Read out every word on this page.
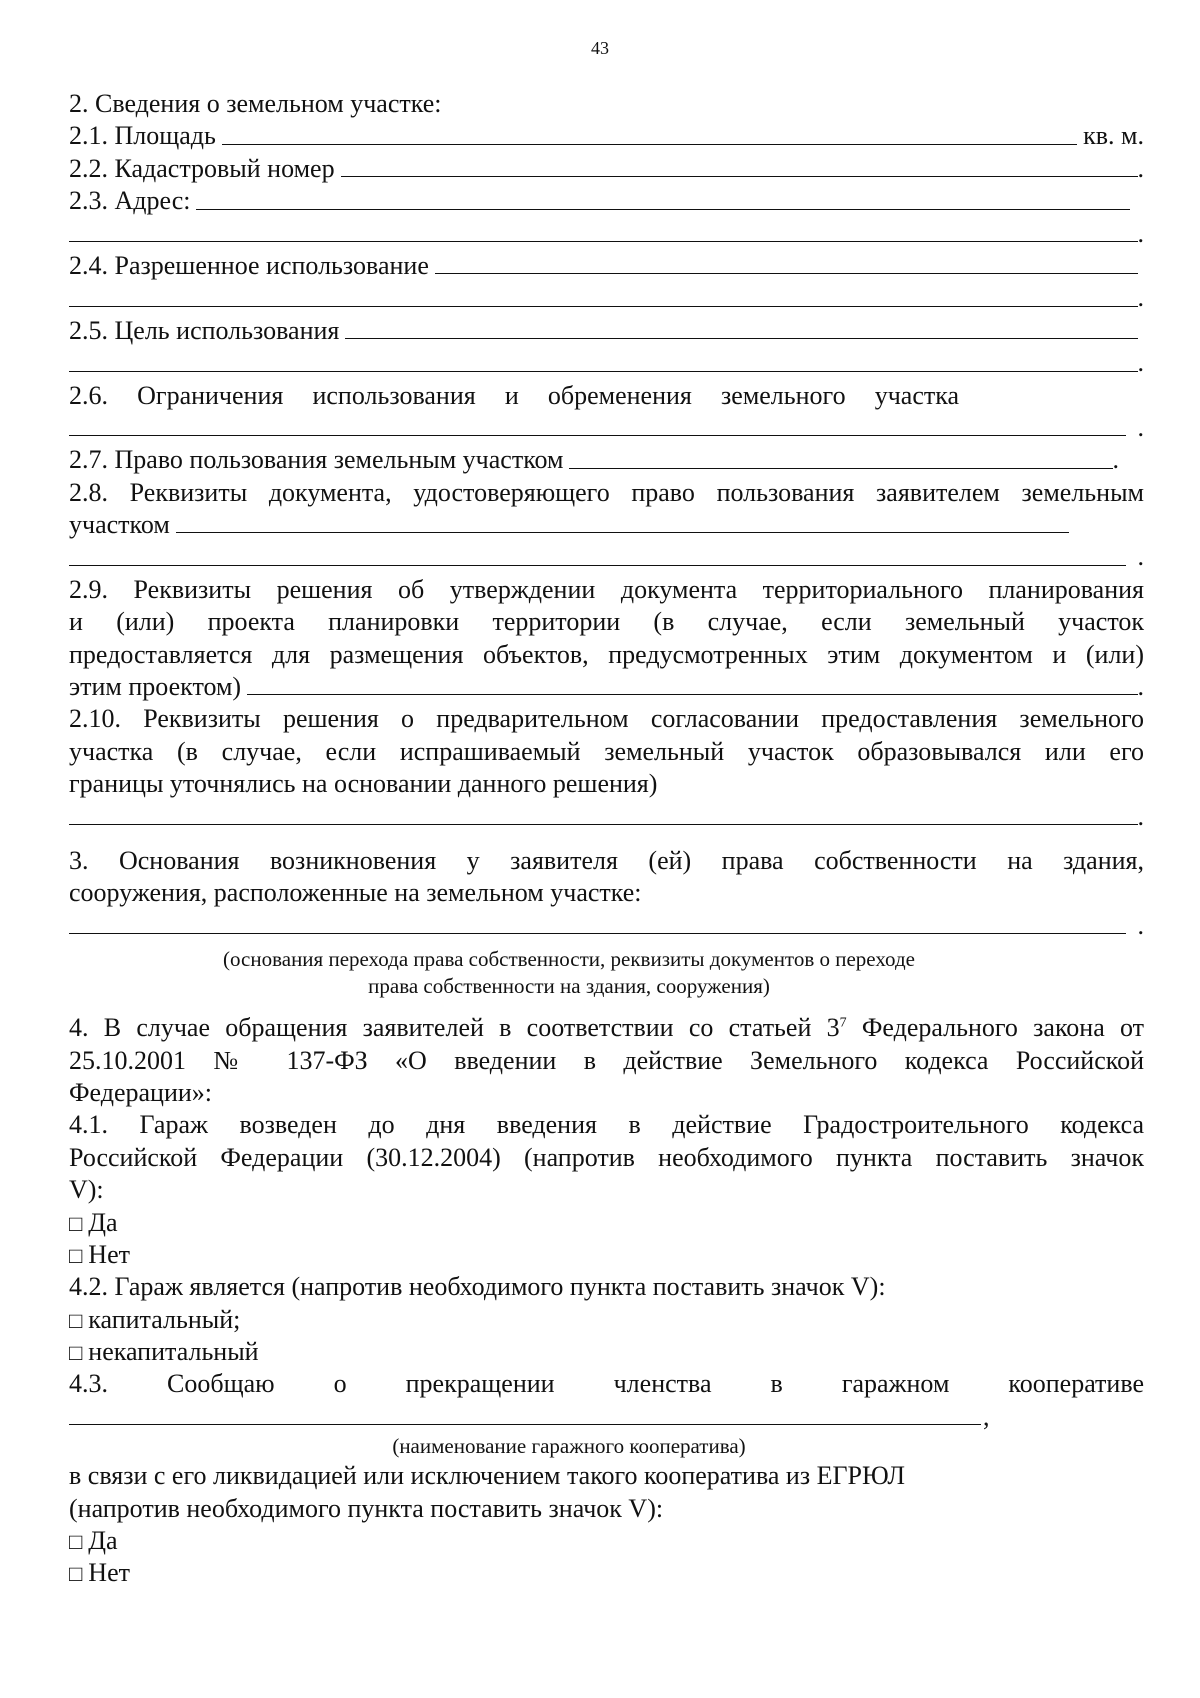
43
2. Сведения о земельном участке:
2.1. Площадь	кв. м.
2.2. Кадастровый номер	.
2.3. Адрес:
.
2.4. Разрешенное использование
.
2.5. Цель использования
.
2.6. Ограничения использования и обременения земельного участка
.
2.7. Право пользования земельным участком	.
2.8. Реквизиты документа, удостоверяющего право пользования заявителем земельным
участком
.
2.9. Реквизиты решения об утверждении документа территориального планирования
и (или) проекта планировки территории (в случае, если земельный участок
предоставляется для размещения объектов, предусмотренных этим документом и (или)
этим проектом)	.
2.10. Реквизиты решения о предварительном согласовании предоставления земельного
участка (в случае, если испрашиваемый земельный участок образовывался или его
границы уточнялись на основании данного решения)
.
3. Основания возникновения у заявителя (ей) права собственности на здания,
сооружения, расположенные на земельном участке:
.
(основания перехода права собственности, реквизиты документов о переходе
права собственности на здания, сооружения)
4. В случае обращения заявителей в соответствии со статьей $3^7$ Федерального закона от
25.10.2001 № 137-ФЗ «О введении в действие Земельного кодекса Российской
Федерации»:
4.1. Гараж возведен до дня введения в действие Градостроительного кодекса
Российской Федерации (30.12.2004) (напротив необходимого пункта поставить значок
V):
□ Да
□ Нет
4.2. Гараж является (напротив необходимого пункта поставить значок V):
□ капитальный;
□ некапитальный
4.3. Сообщаю о прекращении членства в гаражном кооперативе
,
(наименование гаражного кооператива)
в связи с его ликвидацией или исключением такого кооператива из ЕГРЮЛ
(напротив необходимого пункта поставить значок V):
□ Да
□ Нет
